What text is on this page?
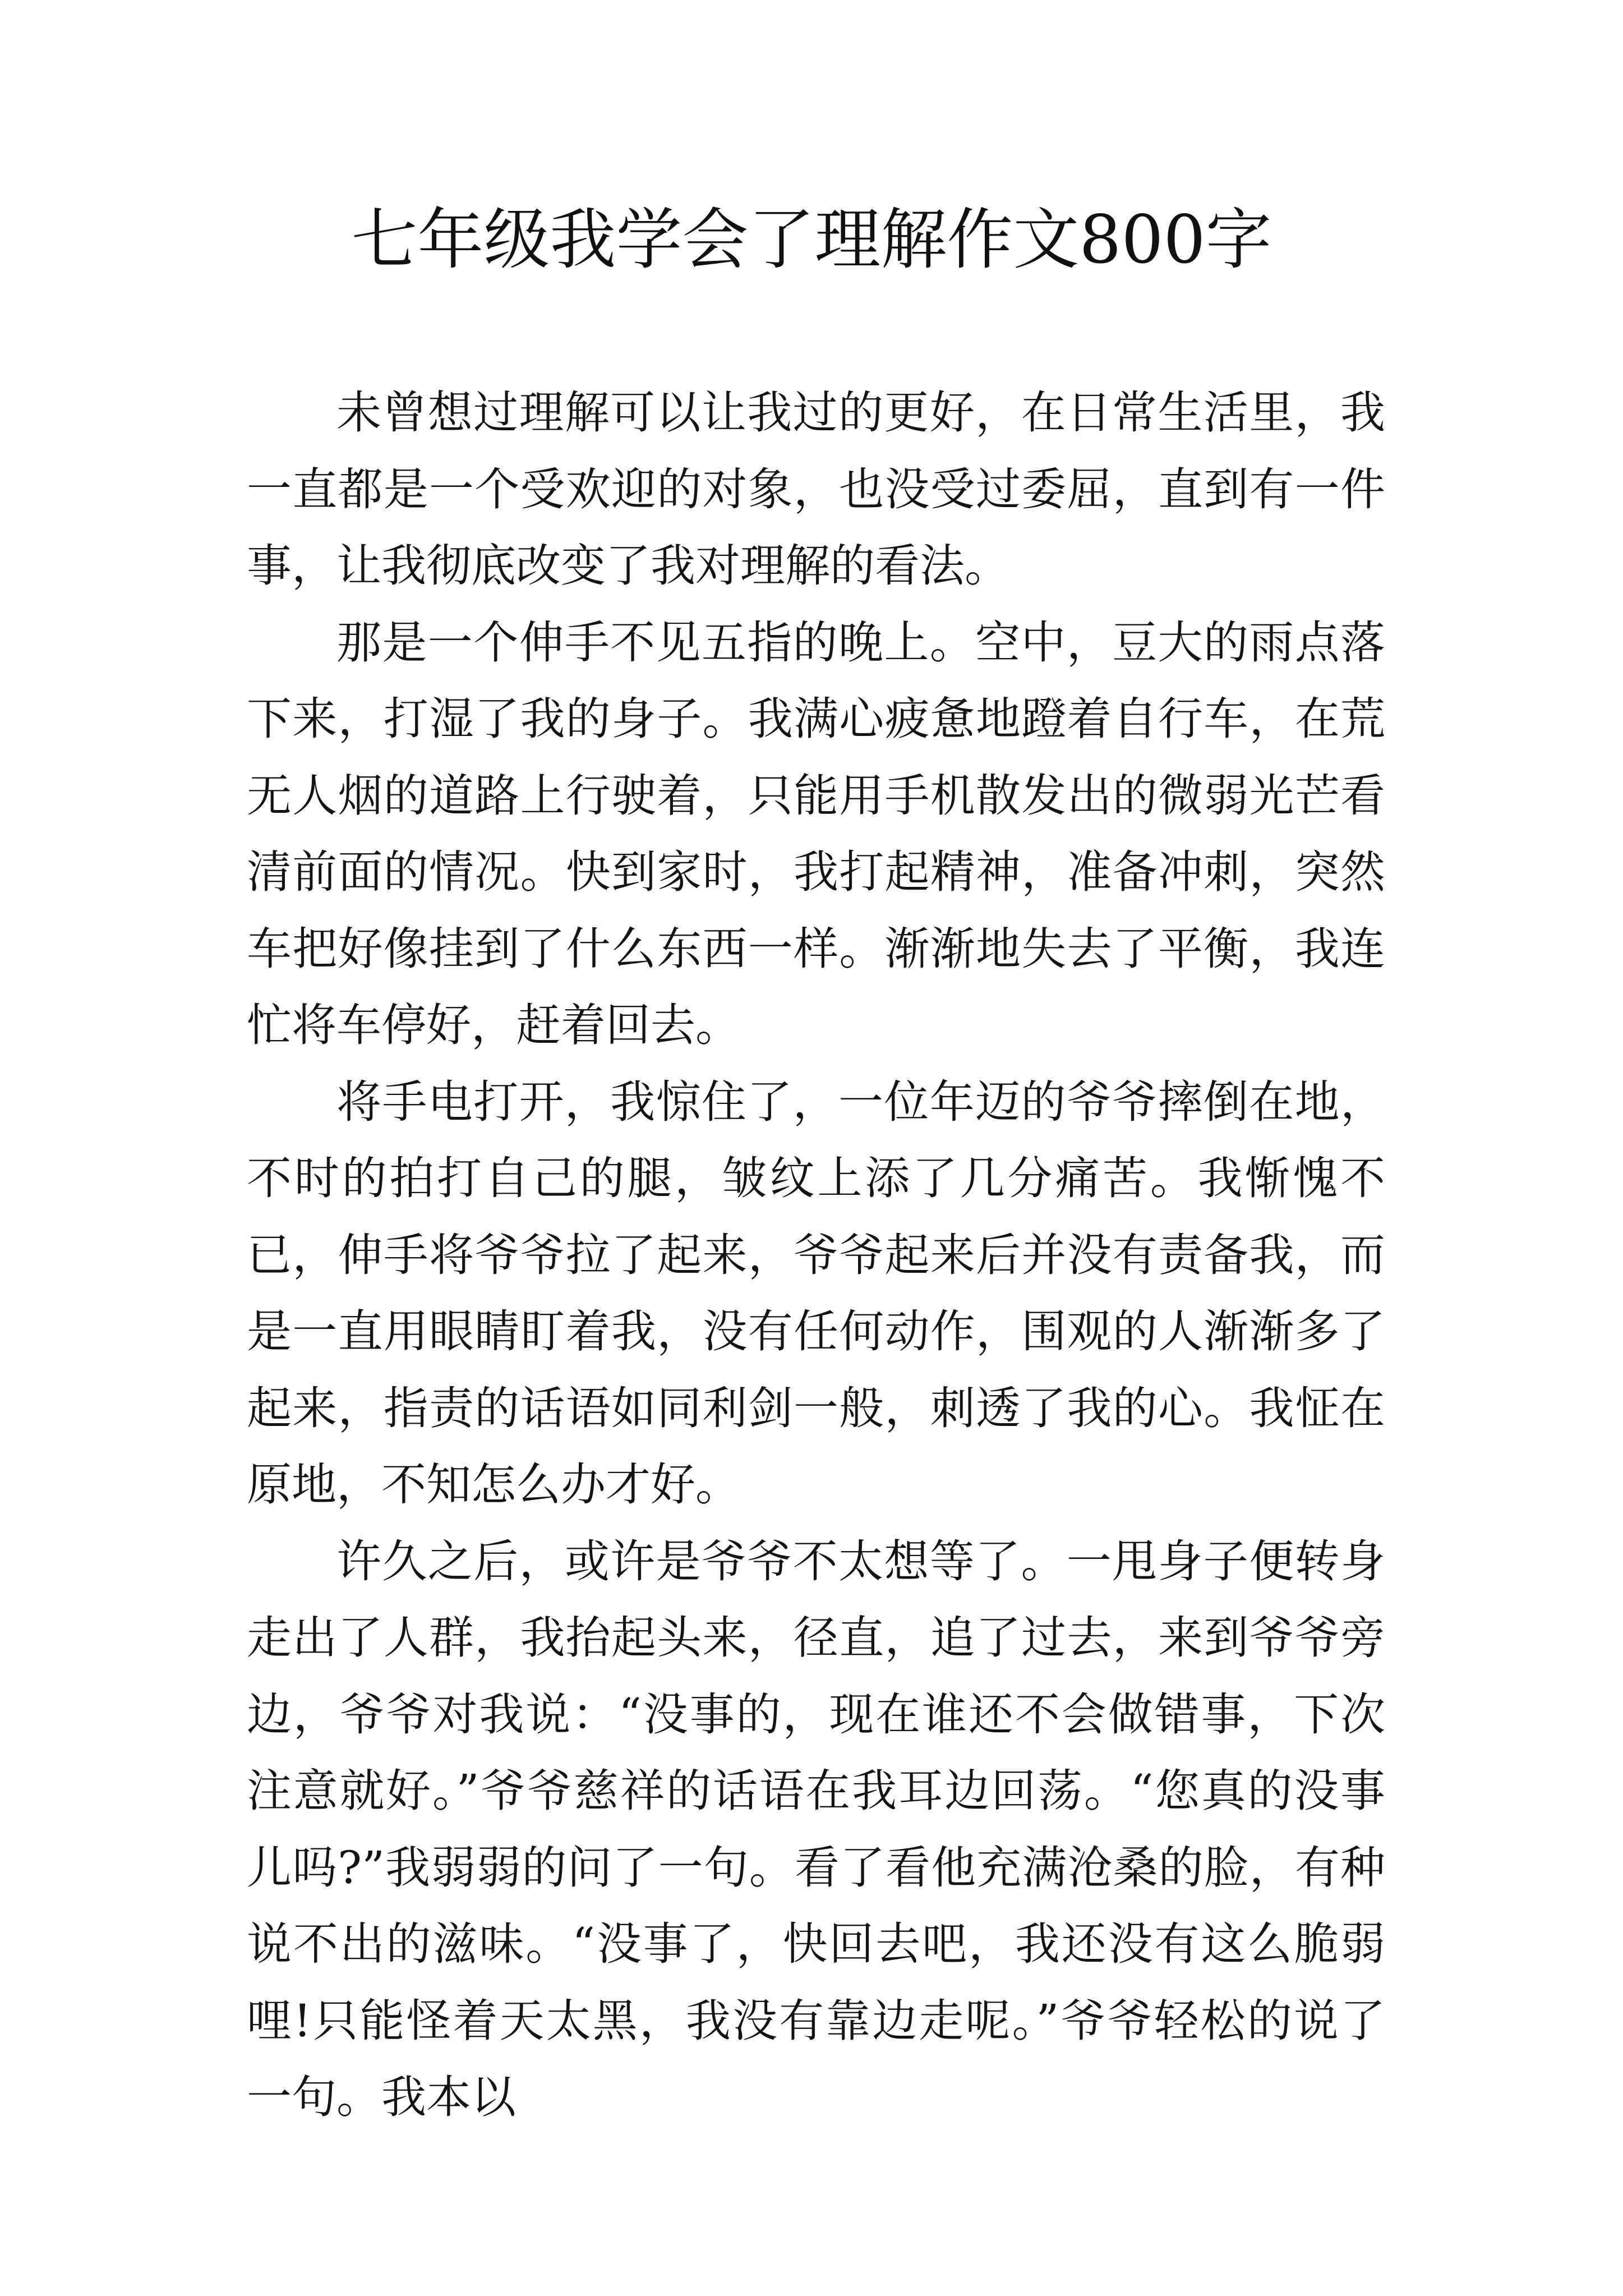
七年级我学会了理解作文800字

未曾想过理解可以让我过的更好，在日常生活里，我一直都是一个受欢迎的对象，也没受过委屈，直到有一件事，让我彻底改变了我对理解的看法。

那是一个伸手不见五指的晚上。空中，豆大的雨点落下来，打湿了我的身子。我满心疲惫地蹬着自行车，在荒无人烟的道路上行驶着，只能用手机散发出的微弱光芒看清前面的情况。快到家时，我打起精神，准备冲刺，突然车把好像挂到了什么东西一样。渐渐地失去了平衡，我连忙将车停好，赶着回去。

将手电打开，我惊住了，一位年迈的爷爷摔倒在地，不时的拍打自己的腿，皱纹上添了几分痛苦。我惭愧不已，伸手将爷爷拉了起来，爷爷起来后并没有责备我，而是一直用眼睛盯着我，没有任何动作，围观的人渐渐多了起来，指责的话语如同利剑一般，刺透了我的心。我怔在原地，不知怎么办才好。

许久之后，或许是爷爷不太想等了。一甩身子便转身走出了人群，我抬起头来，径直，追了过去，来到爷爷旁边，爷爷对我说：“没事的，现在谁还不会做错事，下次注意就好。”爷爷慈祥的话语在我耳边回荡。“您真的没事儿吗?”我弱弱的问了一句。看了看他充满沧桑的脸，有种说不出的滋味。“没事了，快回去吧，我还没有这么脆弱哩!只能怪着天太黑，我没有靠边走呢。”爷爷轻松的说了一句。我本以
